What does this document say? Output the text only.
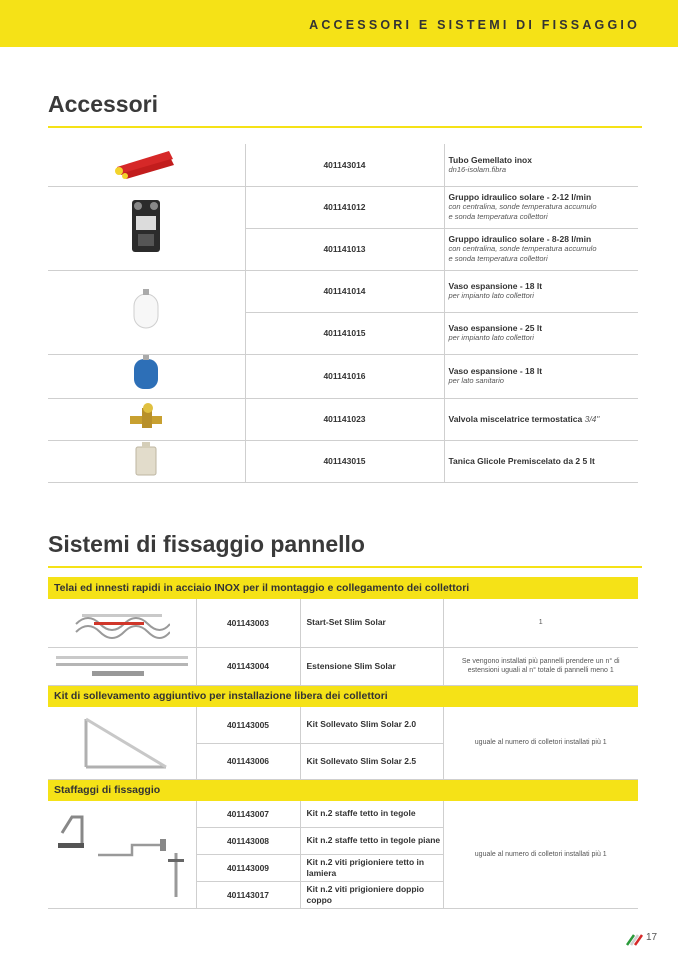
ACCESSORI E SISTEMI DI FISSAGGIO
Accessori
	401143014	Tubo Gemellato inox
dn16-isolam.fibra

	401141012	Gruppo idraulico solare - 2-12 l/min
con centralina, sonde temperatura accumulo
e sonda temperatura collettori

	401141013	Gruppo idraulico solare - 8-28 l/min
con centralina, sonde temperatura accumulo
e sonda temperatura collettori

	401141014	Vaso espansione - 18 lt
per impianto lato collettori

	401141015	Vaso espansione - 25 lt
per impianto lato collettori

	401141016	Vaso espansione - 18 lt
per lato sanitario

	401141023	Valvola miscelatrice termostatica 3/4"
	401143015	Tanica Glicole Premiscelato da 2 5 lt
Sistemi di fissaggio pannello
Telai ed innesti rapidi in acciaio INOX per il montaggio e collegamento dei collettori			
	401143003	Start-Set Slim Solar	1
	401143004	Estensione Slim Solar	Se vengono installati più pannelli prendere un n° di estensioni uguali al n° totale di pannelli meno 1
Kit di sollevamento aggiuntivo per installazione libera dei collettori			
	401143005	Kit Sollevato Slim Solar 2.0	uguale al numero di colletori installati più 1
	401143006	Kit Sollevato Slim Solar 2.5	
Staffaggi di fissaggio			
	401143007	Kit n.2 staffe tetto in tegole	uguale al numero di colletori installati più 1
	401143008	Kit n.2 staffe tetto in tegole piane	
	401143009	Kit n.2 viti prigioniere tetto in lamiera	
	401143017	Kit n.2 viti prigioniere doppio coppo	
17
